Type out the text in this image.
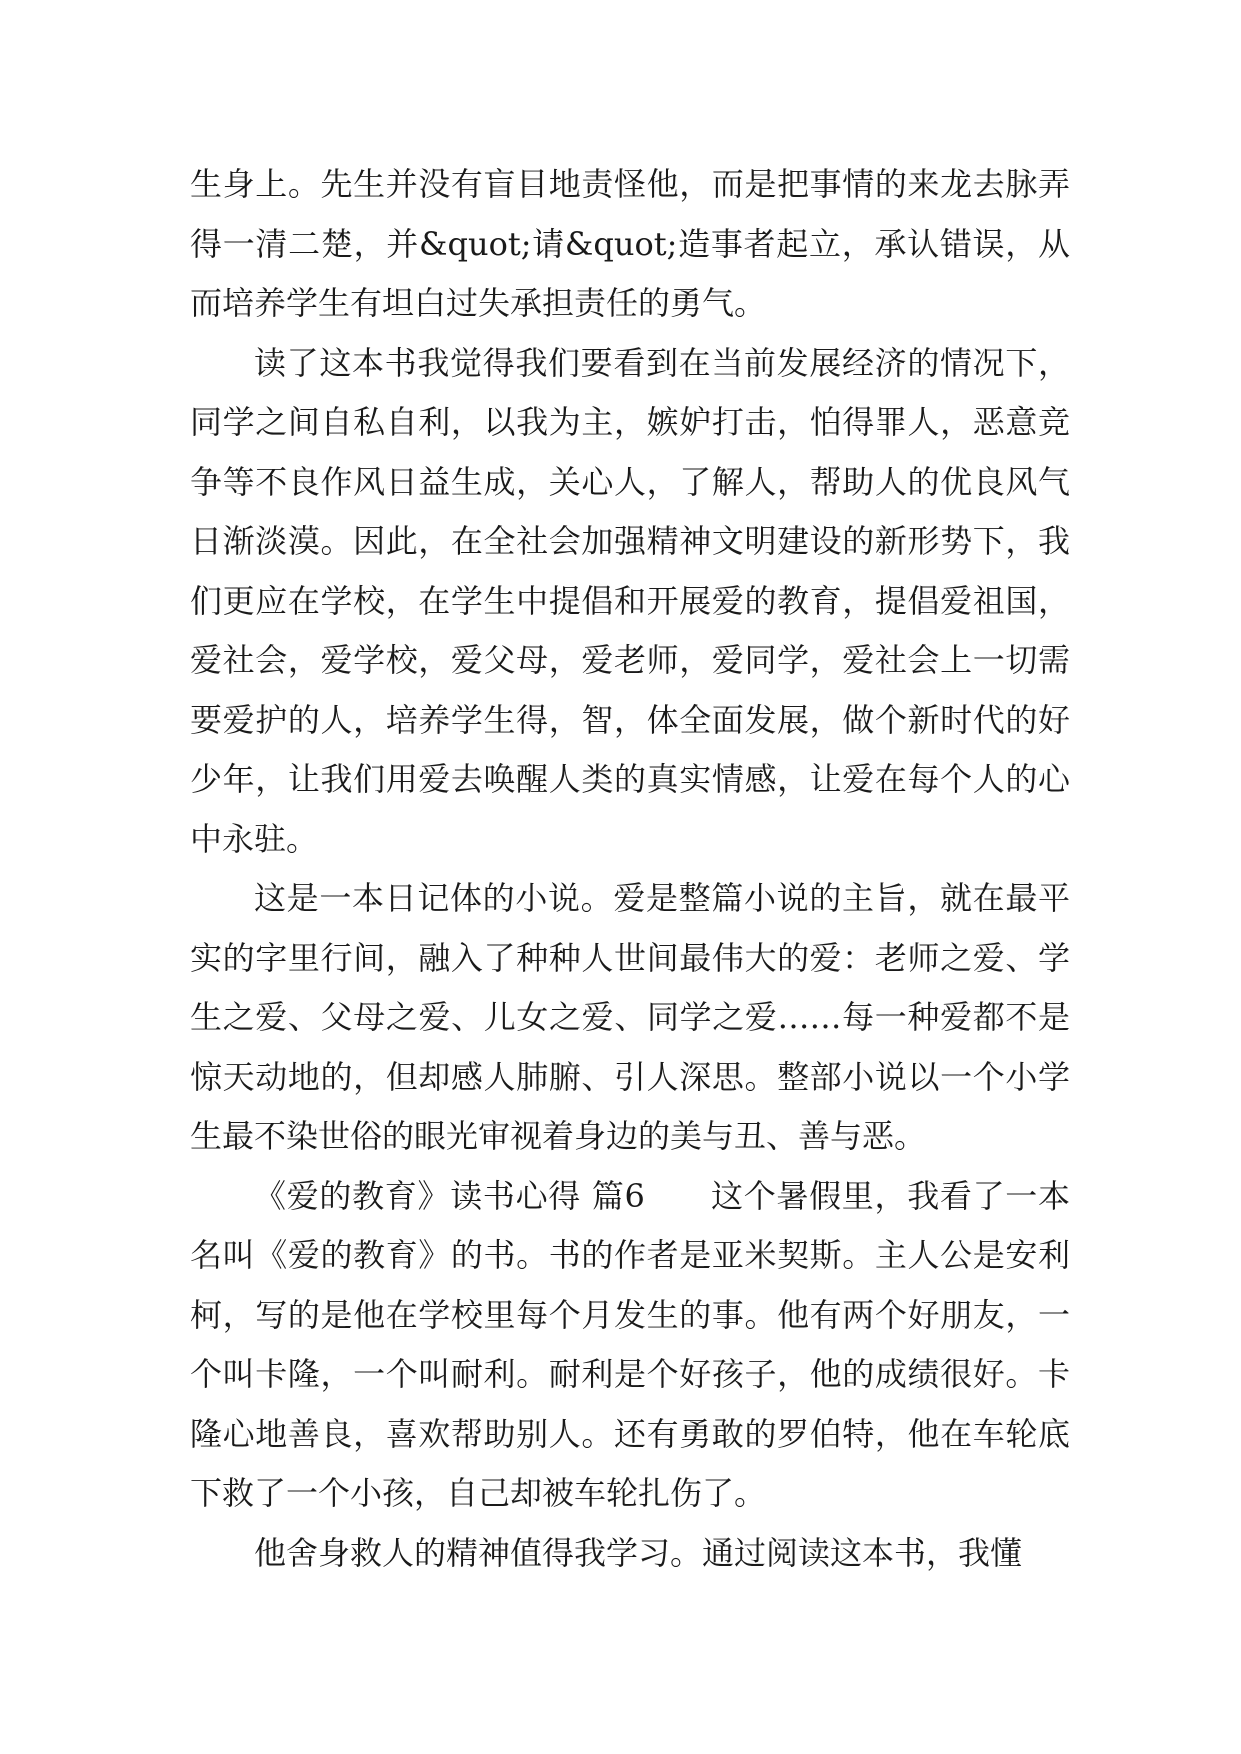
生身上。先生并没有盲目地责怪他，而是把事情的来龙去脉弄得一清二楚，并&quot;请&quot;造事者起立，承认错误，从而培养学生有坦白过失承担责任的勇气。

读了这本书我觉得我们要看到在当前发展经济的情况下，同学之间自私自利，以我为主，嫉妒打击，怕得罪人，恶意竞争等不良作风日益生成，关心人，了解人，帮助人的优良风气日渐淡漠。因此，在全社会加强精神文明建设的新形势下，我们更应在学校，在学生中提倡和开展爱的教育，提倡爱祖国，爱社会，爱学校，爱父母，爱老师，爱同学，爱社会上一切需要爱护的人，培养学生得，智，体全面发展，做个新时代的好少年，让我们用爱去唤醒人类的真实情感，让爱在每个人的心中永驻。

这是一本日记体的小说。爱是整篇小说的主旨，就在最平实的字里行间，融入了种种人世间最伟大的爱：老师之爱、学生之爱、父母之爱、儿女之爱、同学之爱……每一种爱都不是惊天动地的，但却感人肺腑、引人深思。整部小说以一个小学生最不染世俗的眼光审视着身边的美与丑、善与恶。

《爱的教育》读书心得 篇6　　这个暑假里，我看了一本名叫《爱的教育》的书。书的作者是亚米契斯。主人公是安利柯，写的是他在学校里每个月发生的事。他有两个好朋友，一个叫卡隆，一个叫耐利。耐利是个好孩子，他的成绩很好。卡隆心地善良，喜欢帮助别人。还有勇敢的罗伯特，他在车轮底下救了一个小孩，自己却被车轮扎伤了。

他舍身救人的精神值得我学习。通过阅读这本书，我懂
